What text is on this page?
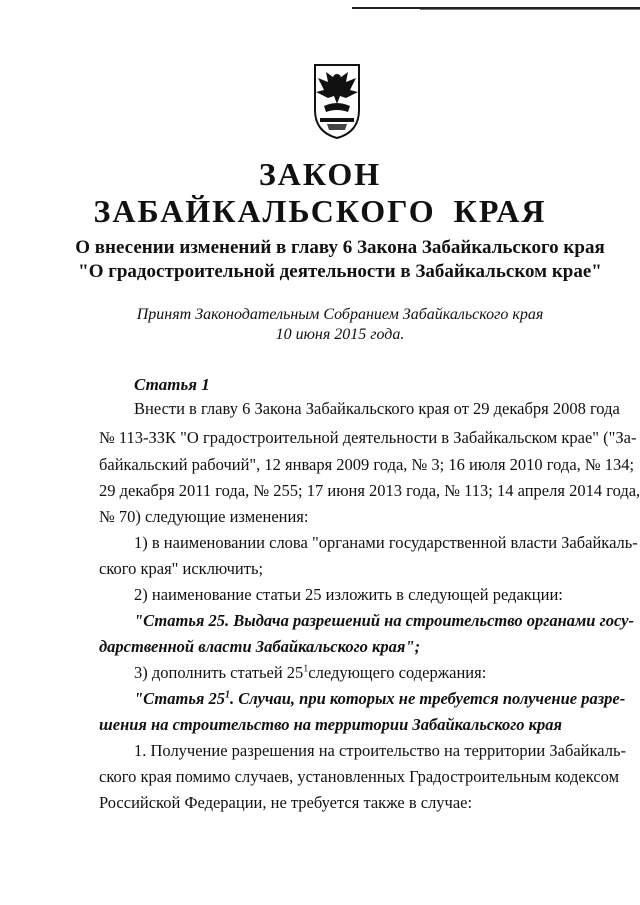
ЗАКОН
ЗАБАЙКАЛЬСКОГО КРАЯ
О внесении изменений в главу 6 Закона Забайкальского края
"О градостроительной деятельности в Забайкальском крае"
Принят Законодательным Собранием Забайкальского края
10 июня 2015 года.
Статья 1
Внести в главу 6 Закона Забайкальского края от 29 декабря 2008 года
№ 113-ЗЗК "О градостроительной деятельности в Забайкальском крае" ("За-
байкальский рабочий", 12 января 2009 года, № 3; 16 июля 2010 года, № 134;
29 декабря 2011 года, № 255; 17 июня 2013 года, № 113; 14 апреля 2014 года,
№ 70) следующие изменения:
1) в наименовании слова "органами государственной власти Забайкаль-
ского края" исключить;
2) наименование статьи 25 изложить в следующей редакции:
"Статья 25. Выдача разрешений на строительство органами госу-
дарственной власти Забайкальского края";
3) дополнить статьей $25^1следующего$ содержания:
"Статья $25^1$. Случаи, при которых не требуется получение разре-
шения на строительство на территории Забайкальского края
1. Получение разрешения на строительство на территории Забайкаль-
ского края помимо случаев, установленных Градостроительным кодексом
Российской Федерации, не требуется также в случае:
